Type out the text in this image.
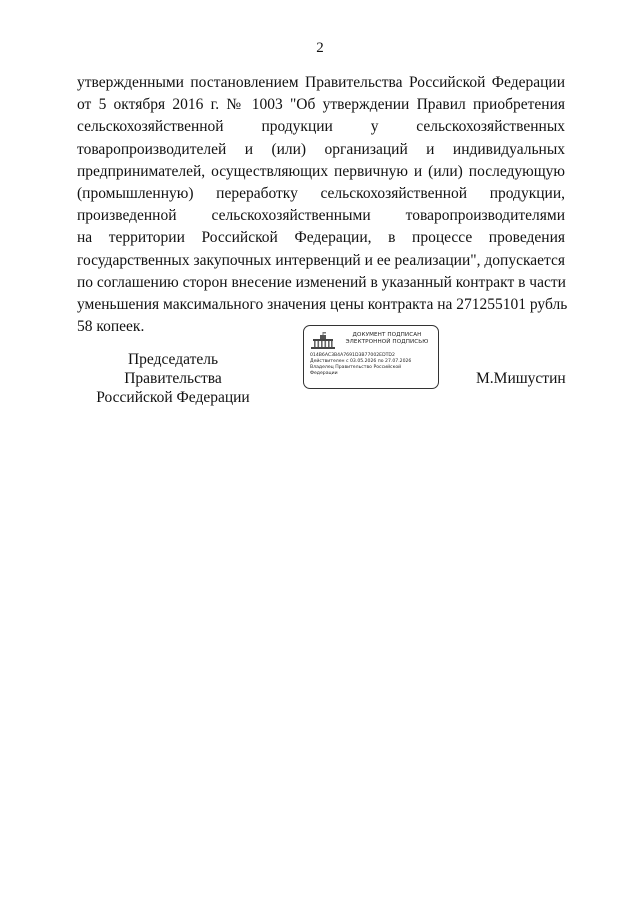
2
утвержденными постановлением Правительства Российской Федерации
от 5 октября 2016 г. № 1003 "Об утверждении Правил приобретения
сельскохозяйственной продукции у сельскохозяйственных
товаропроизводителей и (или) организаций и индивидуальных
предпринимателей, осуществляющих первичную и (или) последующую
(промышленную) переработку сельскохозяйственной продукции,
произведенной сельскохозяйственными товаропроизводителями
на территории Российской Федерации, в процессе проведения
государственных закупочных интервенций и ее реализации", допускается
по соглашению сторон внесение изменений в указанный контракт в части
уменьшения максимального значения цены контракта на 271255101 рубль
58 копеек.
Председатель Правительства
Российской Федерации
ДОКУМЕНТ ПОДПИСАН
ЭЛЕКТРОННОЙ ПОДПИСЬЮ
014B6AC3B4A7691D3B77002EDTD2
Действителен с 03.05.2026 по 27.07.2026
Владелец Правительство Российской
Федерации	М.Мишустин
